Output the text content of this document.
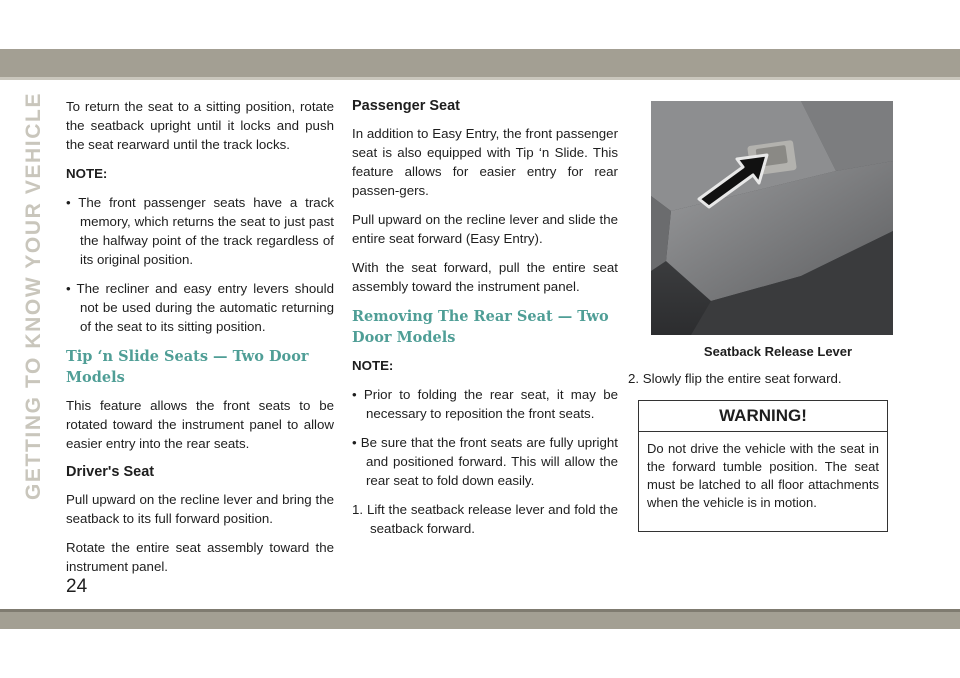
GETTING TO KNOW YOUR VEHICLE To return the seat to a sitting position, rotate the seatback upright until it locks and push the seat rearward until the track locks.

NOTE:

• The front passenger seats have a track memory, which returns the seat to just past the halfway point of the track regardless of its original position.

• The recliner and easy entry levers should not be used during the automatic returning of the seat to its sitting position.

Tip ‘n Slide Seats — Two Door Models

This feature allows the front seats to be rotated toward the instrument panel to allow easier entry into the rear seats.

Driver's Seat

Pull upward on the recline lever and bring the seatback to its full forward position.

Rotate the entire seat assembly toward the instrument panel.

Passenger Seat

In addition to Easy Entry, the front passenger seat is also equipped with Tip ‘n Slide. This feature allows for easier entry for rear passen-gers.

Pull upward on the recline lever and slide the entire seat forward (Easy Entry).

With the seat forward, pull the entire seat assembly toward the instrument panel.

Removing The Rear Seat — Two Door Models

NOTE:

• Prior to folding the rear seat, it may be necessary to reposition the front seats.

• Be sure that the front seats are fully upright and positioned forward. This will allow the rear seat to fold down easily.

1. Lift the seatback release lever and fold the seatback forward.

Seatback Release Lever

2. Slowly flip the entire seat forward.

WARNING!

Do not drive the vehicle with the seat in the forward tumble position. The seat must be latched to all floor attachments when the vehicle is in motion.

24
